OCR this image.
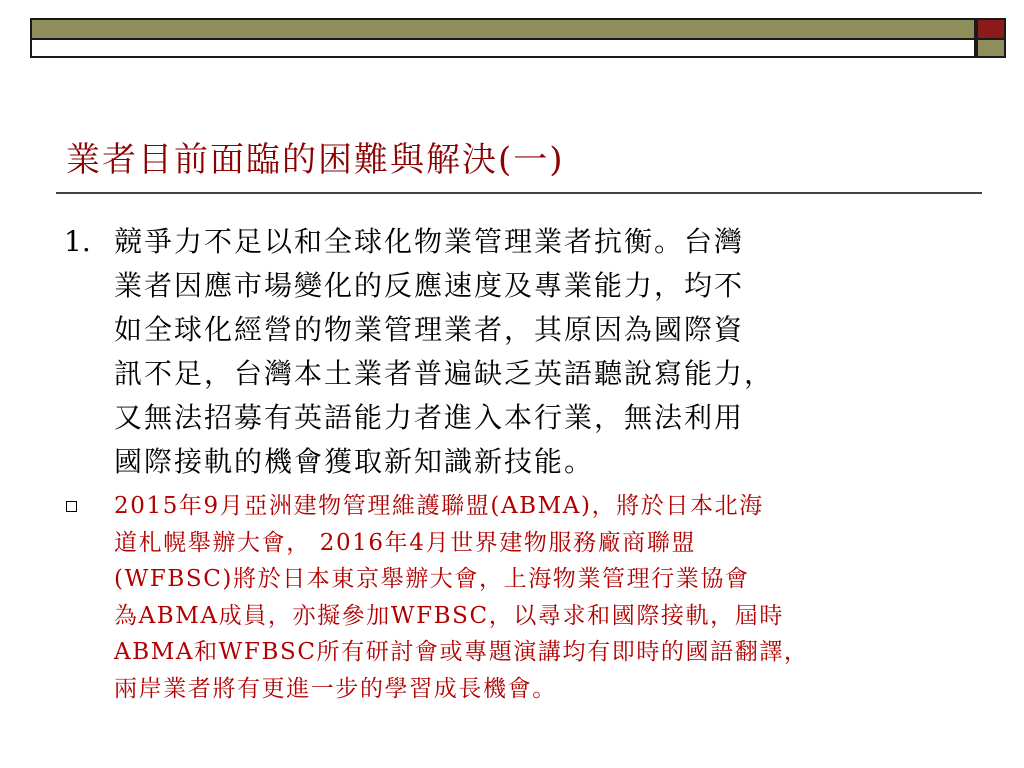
業者目前面臨的困難與解決(一)
1. 競爭力不足以和全球化物業管理業者抗衡。台灣
業者因應市場變化的反應速度及專業能力，均不
如全球化經營的物業管理業者，其原因為國際資
訊不足，台灣本土業者普遍缺乏英語聽說寫能力，
又無法招募有英語能力者進入本行業，無法利用
國際接軌的機會獲取新知識新技能。
2015年9月亞洲建物管理維護聯盟(ABMA)，將於日本北海
道札幌舉辦大會， 2016年4月世界建物服務廠商聯盟
(WFBSC)將於日本東京舉辦大會，上海物業管理行業協會
為ABMA成員，亦擬參加WFBSC，以尋求和國際接軌，屆時
ABMA和WFBSC所有研討會或專題演講均有即時的國語翻譯，
兩岸業者將有更進一步的學習成長機會。
